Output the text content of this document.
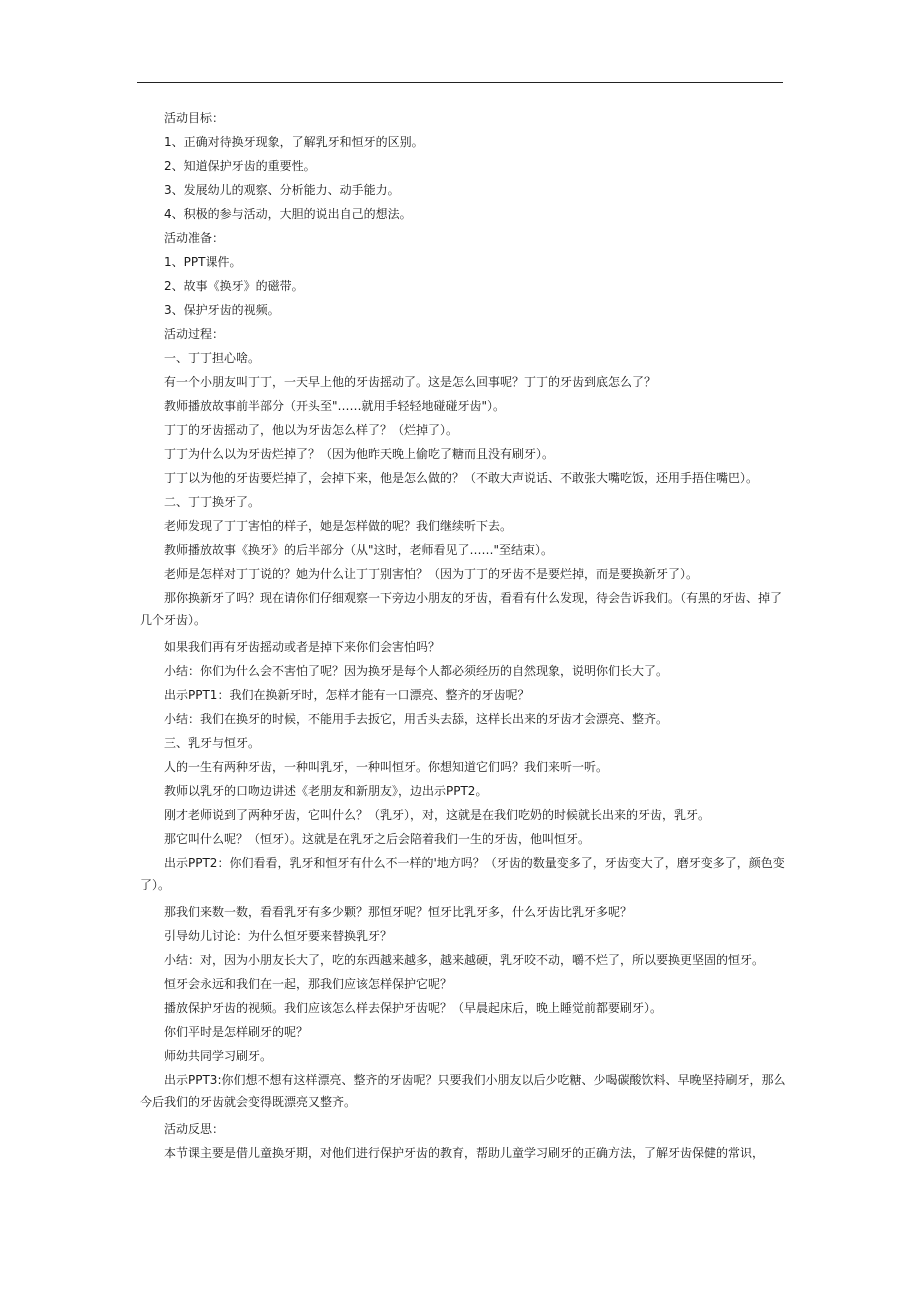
活动目标：

1、正确对待换牙现象，了解乳牙和恒牙的区别。

2、知道保护牙齿的重要性。

3、发展幼儿的观察、分析能力、动手能力。

4、积极的参与活动，大胆的说出自己的想法。

活动准备：

1、PPT课件。

2、故事《换牙》的磁带。

3、保护牙齿的视频。

活动过程：

一、丁丁担心啥。

有一个小朋友叫丁丁，一天早上他的牙齿摇动了。这是怎么回事呢？丁丁的牙齿到底怎么了？

教师播放故事前半部分（开头至"……就用手轻轻地碰碰牙齿"）。

丁丁的牙齿摇动了，他以为牙齿怎么样了？（烂掉了）。

丁丁为什么以为牙齿烂掉了？（因为他昨天晚上偷吃了糖而且没有刷牙）。

丁丁以为他的牙齿要烂掉了，会掉下来，他是怎么做的？（不敢大声说话、不敢张大嘴吃饭，还用手捂住嘴巴）。

二、丁丁换牙了。

老师发现了丁丁害怕的样子，她是怎样做的呢？我们继续听下去。

教师播放故事《换牙》的后半部分（从"这时，老师看见了……"至结束）。

老师是怎样对丁丁说的？她为什么让丁丁别害怕？（因为丁丁的牙齿不是要烂掉，而是要换新牙了）。

那你换新牙了吗？现在请你们仔细观察一下旁边小朋友的牙齿，看看有什么发现，待会告诉我们。（有黑的牙齿、掉了几个牙齿）。

如果我们再有牙齿摇动或者是掉下来你们会害怕吗？

小结：你们为什么会不害怕了呢？因为换牙是每个人都必须经历的自然现象，说明你们长大了。

出示PPT1：我们在换新牙时，怎样才能有一口漂亮、整齐的牙齿呢？

小结：我们在换牙的时候，不能用手去扳它，用舌头去舔，这样长出来的牙齿才会漂亮、整齐。

三、乳牙与恒牙。

人的一生有两种牙齿，一种叫乳牙，一种叫恒牙。你想知道它们吗？我们来听一听。

教师以乳牙的口吻边讲述《老朋友和新朋友》，边出示PPT2。

刚才老师说到了两种牙齿，它叫什么？（乳牙），对，这就是在我们吃奶的时候就长出来的牙齿，乳牙。

那它叫什么呢？（恒牙）。这就是在乳牙之后会陪着我们一生的牙齿，他叫恒牙。

出示PPT2：你们看看，乳牙和恒牙有什么不一样的'地方吗？（牙齿的数量变多了，牙齿变大了，磨牙变多了，颜色变了）。

那我们来数一数，看看乳牙有多少颗？那恒牙呢？恒牙比乳牙多，什么牙齿比乳牙多呢？

引导幼儿讨论：为什么恒牙要来替换乳牙？

小结：对，因为小朋友长大了，吃的东西越来越多，越来越硬，乳牙咬不动，嚼不烂了，所以要换更坚固的恒牙。

恒牙会永远和我们在一起，那我们应该怎样保护它呢？

播放保护牙齿的视频。我们应该怎么样去保护牙齿呢？（早晨起床后，晚上睡觉前都要刷牙）。

你们平时是怎样刷牙的呢？

师幼共同学习刷牙。

出示PPT3:你们想不想有这样漂亮、整齐的牙齿呢？只要我们小朋友以后少吃糖、少喝碳酸饮料、早晚坚持刷牙，那么今后我们的牙齿就会变得既漂亮又整齐。

活动反思：

本节课主要是借儿童换牙期，对他们进行保护牙齿的教育，帮助儿童学习刷牙的正确方法，了解牙齿保健的常识，
